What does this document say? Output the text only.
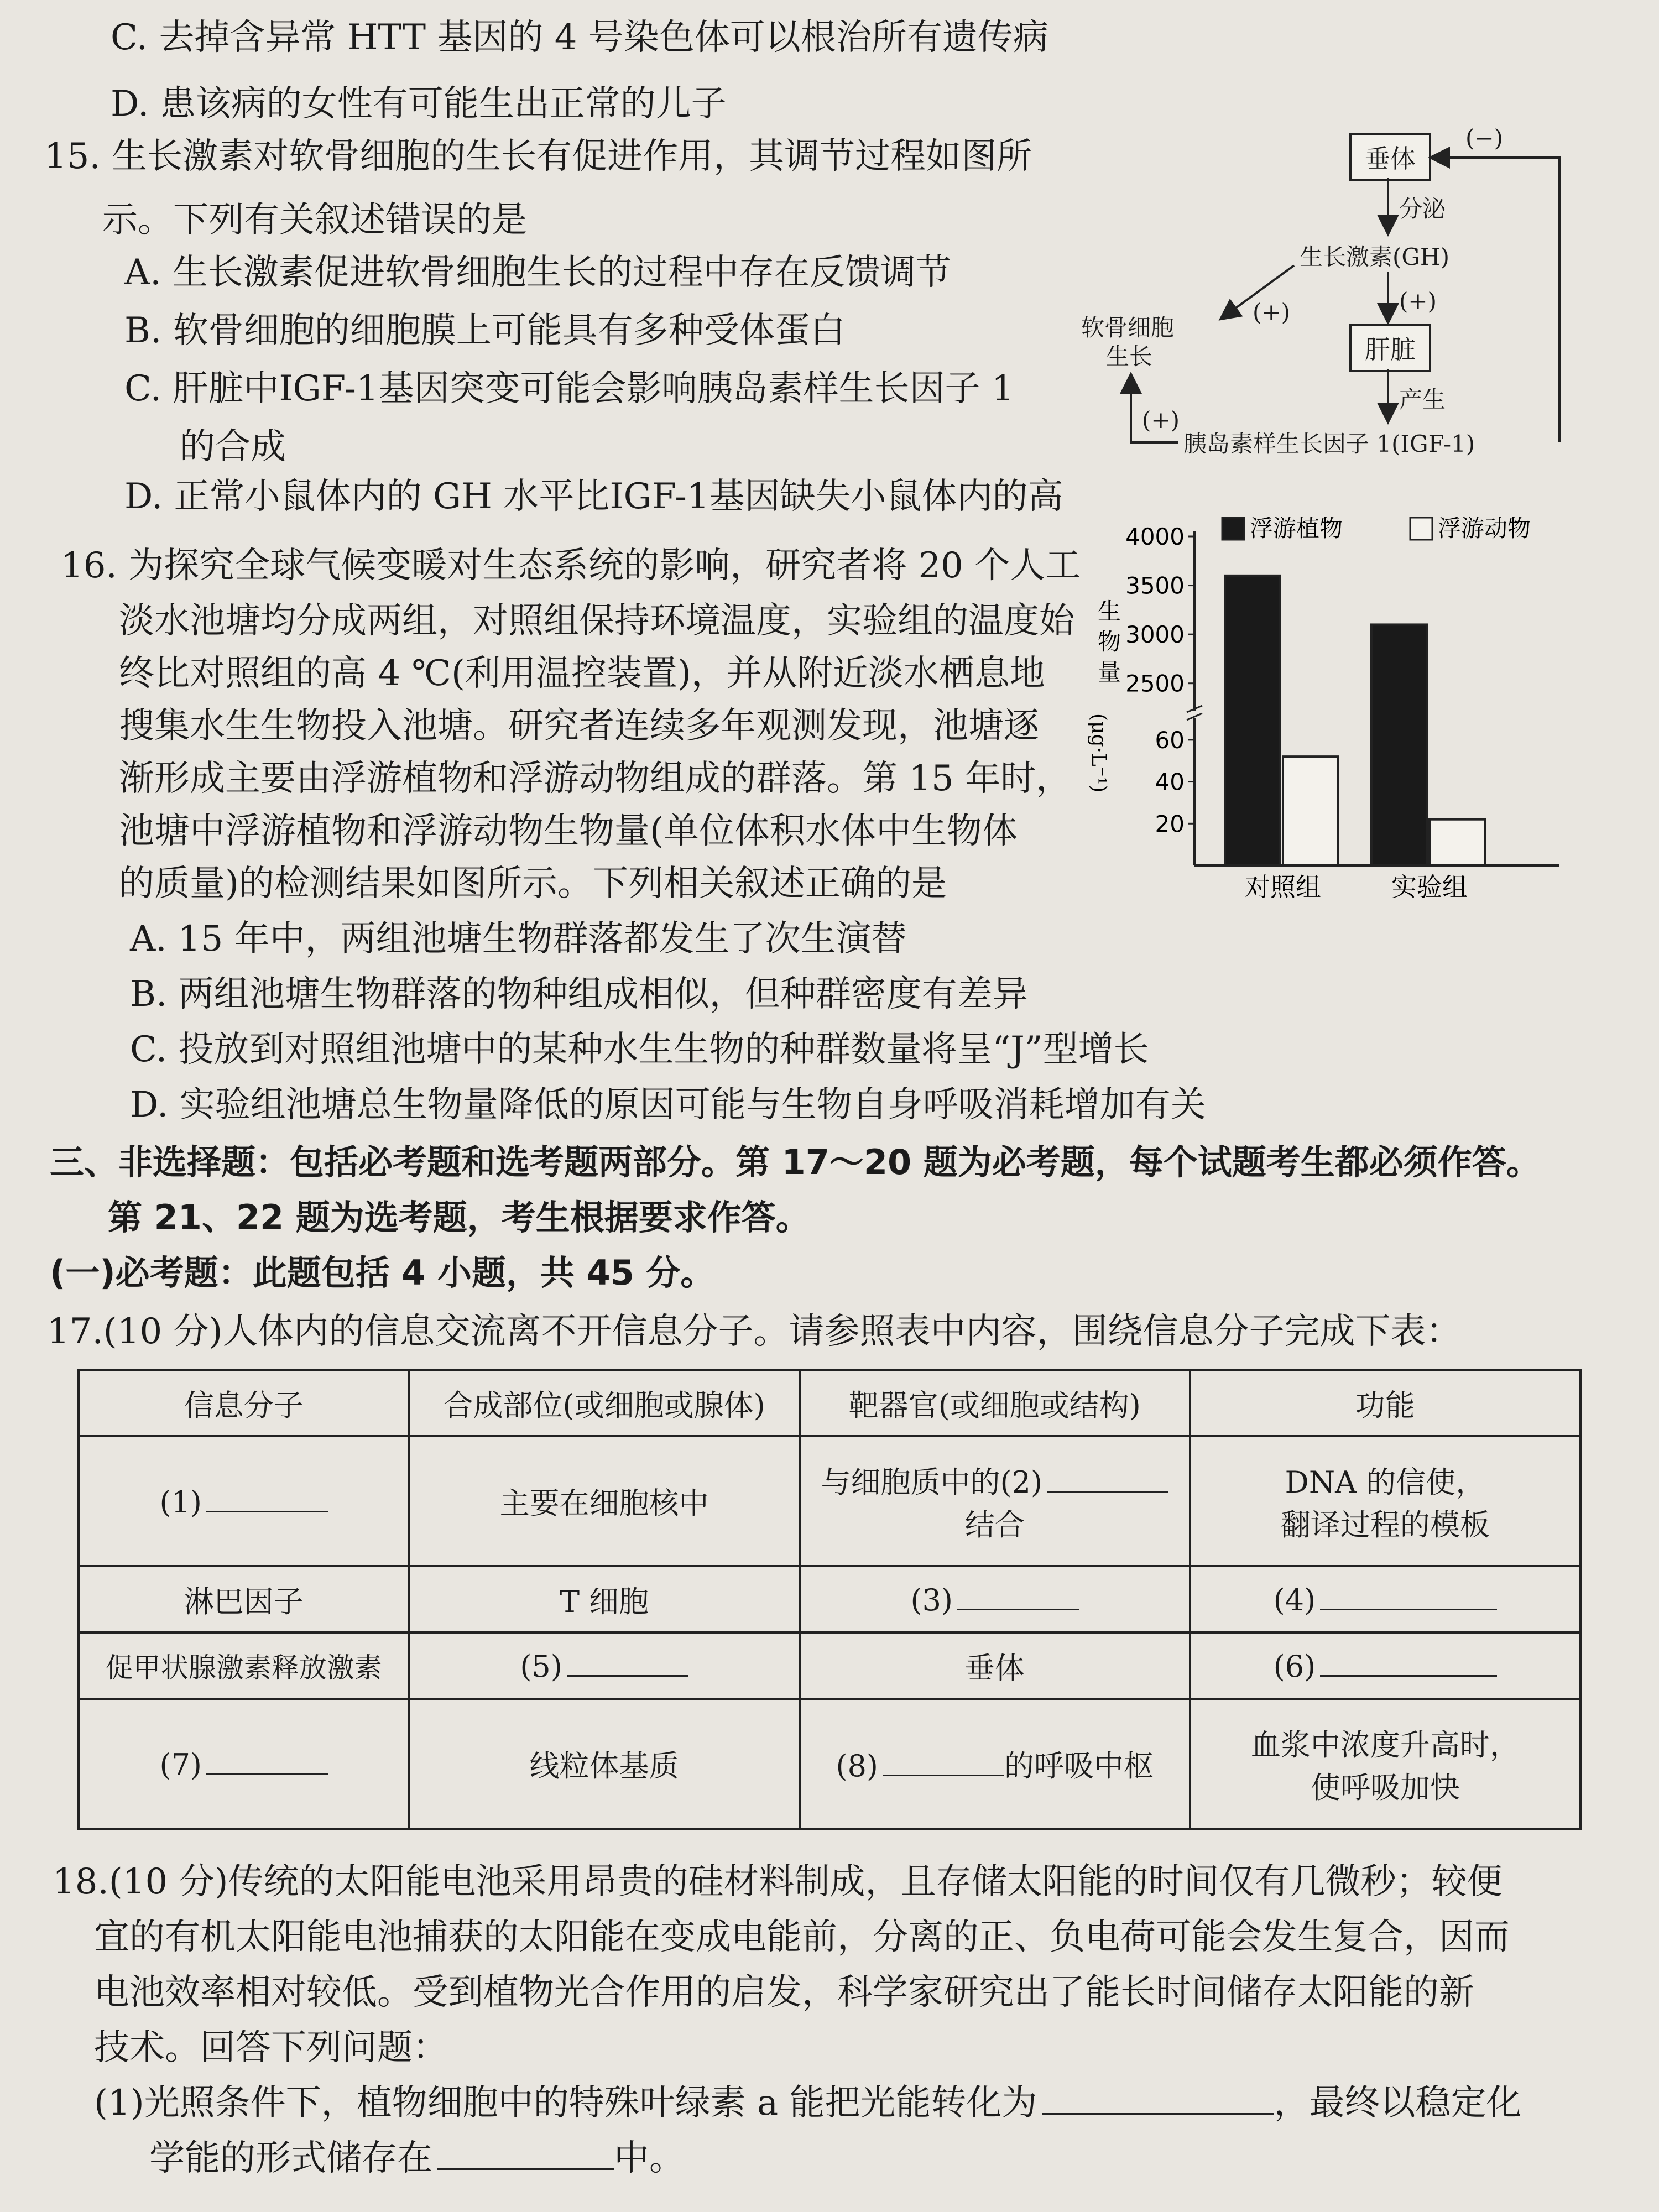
C. 去掉含异常 HTT 基因的 4 号染色体可以根治所有遗传病
D. 患该病的女性有可能生出正常的儿子
15. 生长激素对软骨细胞的生长有促进作用，其调节过程如图所
示。下列有关叙述错误的是
A. 生长激素促进软骨细胞生长的过程中存在反馈调节
B. 软骨细胞的细胞膜上可能具有多种受体蛋白
C. 肝脏中IGF-1基因突变可能会影响胰岛素样生长因子 1
的合成
D. 正常小鼠体内的 GH 水平比IGF-1基因缺失小鼠体内的高
垂体
肝脏
分泌
生长激素(GH)
(+)
产生
胰岛素样生长因子 1(IGF-1)
软骨细胞
生长
(+)
(+)
(−)
16. 为探究全球气候变暖对生态系统的影响，研究者将 20 个人工
淡水池塘均分成两组，对照组保持环境温度，实验组的温度始
终比对照组的高 4 ℃(利用温控装置)，并从附近淡水栖息地
搜集水生生物投入池塘。研究者连续多年观测发现，池塘逐
渐形成主要由浮游植物和浮游动物组成的群落。第 15 年时，
池塘中浮游植物和浮游动物生物量(单位体积水体中生物体
的质量)的检测结果如图所示。下列相关叙述正确的是
A. 15 年中，两组池塘生物群落都发生了次生演替
B. 两组池塘生物群落的物种组成相似，但种群密度有差异
C. 投放到对照组池塘中的某种水生生物的种群数量将呈“J”型增长
D. 实验组池塘总生物量降低的原因可能与生物自身呼吸消耗增加有关
浮游植物	浮游动物
4000
3500
3000
2500
60
40
20
生
物
量
(μg·L⁻¹)
对照组	实验组
三、非选择题：包括必考题和选考题两部分。第 17～20 题为必考题，每个试题考生都必须作答。
第 21、22 题为选考题，考生根据要求作答。
(一)必考题：此题包括 4 小题，共 45 分。
17.(10 分)人体内的信息交流离不开信息分子。请参照表中内容，围绕信息分子完成下表：
信息分子	合成部位(或细胞或腺体)	靶器官(或细胞或结构)	功能
(1)	主要在细胞核中	与细胞质中的(2)
结合	DNA 的信使，
翻译过程的模板
淋巴因子	T 细胞	(3)	(4)
促甲状腺激素释放激素	(5)	垂体	(6)
(7)	线粒体基质	(8) 的呼吸中枢	血浆中浓度升高时，
使呼吸加快
18.(10 分)传统的太阳能电池采用昂贵的硅材料制成，且存储太阳能的时间仅有几微秒；较便
宜的有机太阳能电池捕获的太阳能在变成电能前，分离的正、负电荷可能会发生复合，因而
电池效率相对较低。受到植物光合作用的启发，科学家研究出了能长时间储存太阳能的新
技术。回答下列问题：
(1)光照条件下，植物细胞中的特殊叶绿素 a 能把光能转化为	，最终以稳定化
学能的形式储存在	中。
